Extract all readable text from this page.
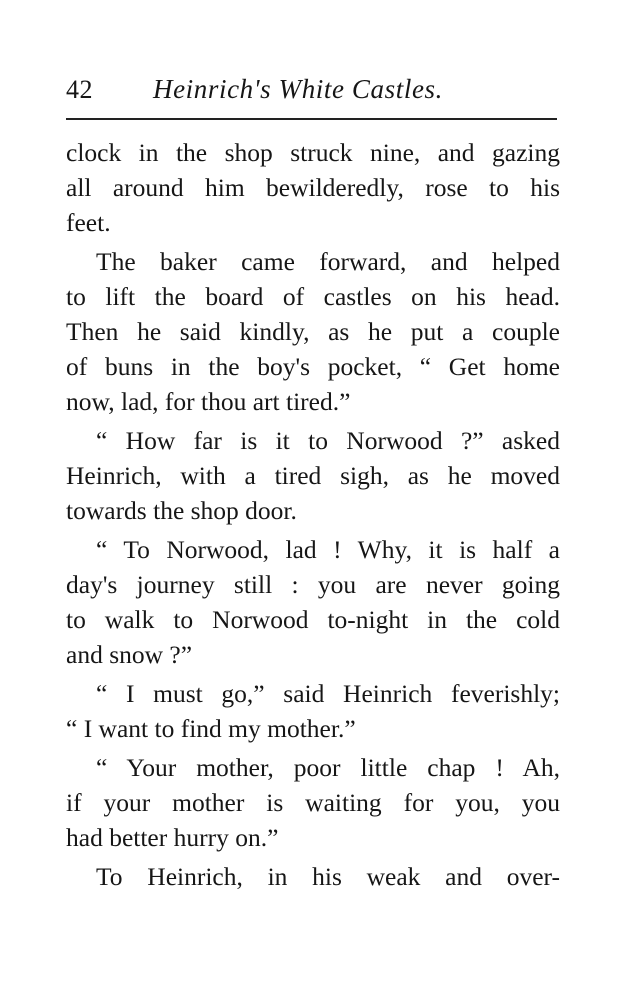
42 Heinrich's White Castles.
clock in the shop struck nine, and gazing
all around him bewilderedly, rose to his
feet.
The baker came forward, and helped
to lift the board of castles on his head.
Then he said kindly, as he put a couple
of buns in the boy's pocket, “ Get home
now, lad, for thou art tired.”
“ How far is it to Norwood ?” asked
Heinrich, with a tired sigh, as he moved
towards the shop door.
“ To Norwood, lad ! Why, it is half a
day's journey still : you are never going
to walk to Norwood to-night in the cold
and snow ?”
“ I must go,” said Heinrich feverishly;
“ I want to find my mother.”
“ Your mother, poor little chap ! Ah,
if your mother is waiting for you, you
had better hurry on.”
To Heinrich, in his weak and over-
